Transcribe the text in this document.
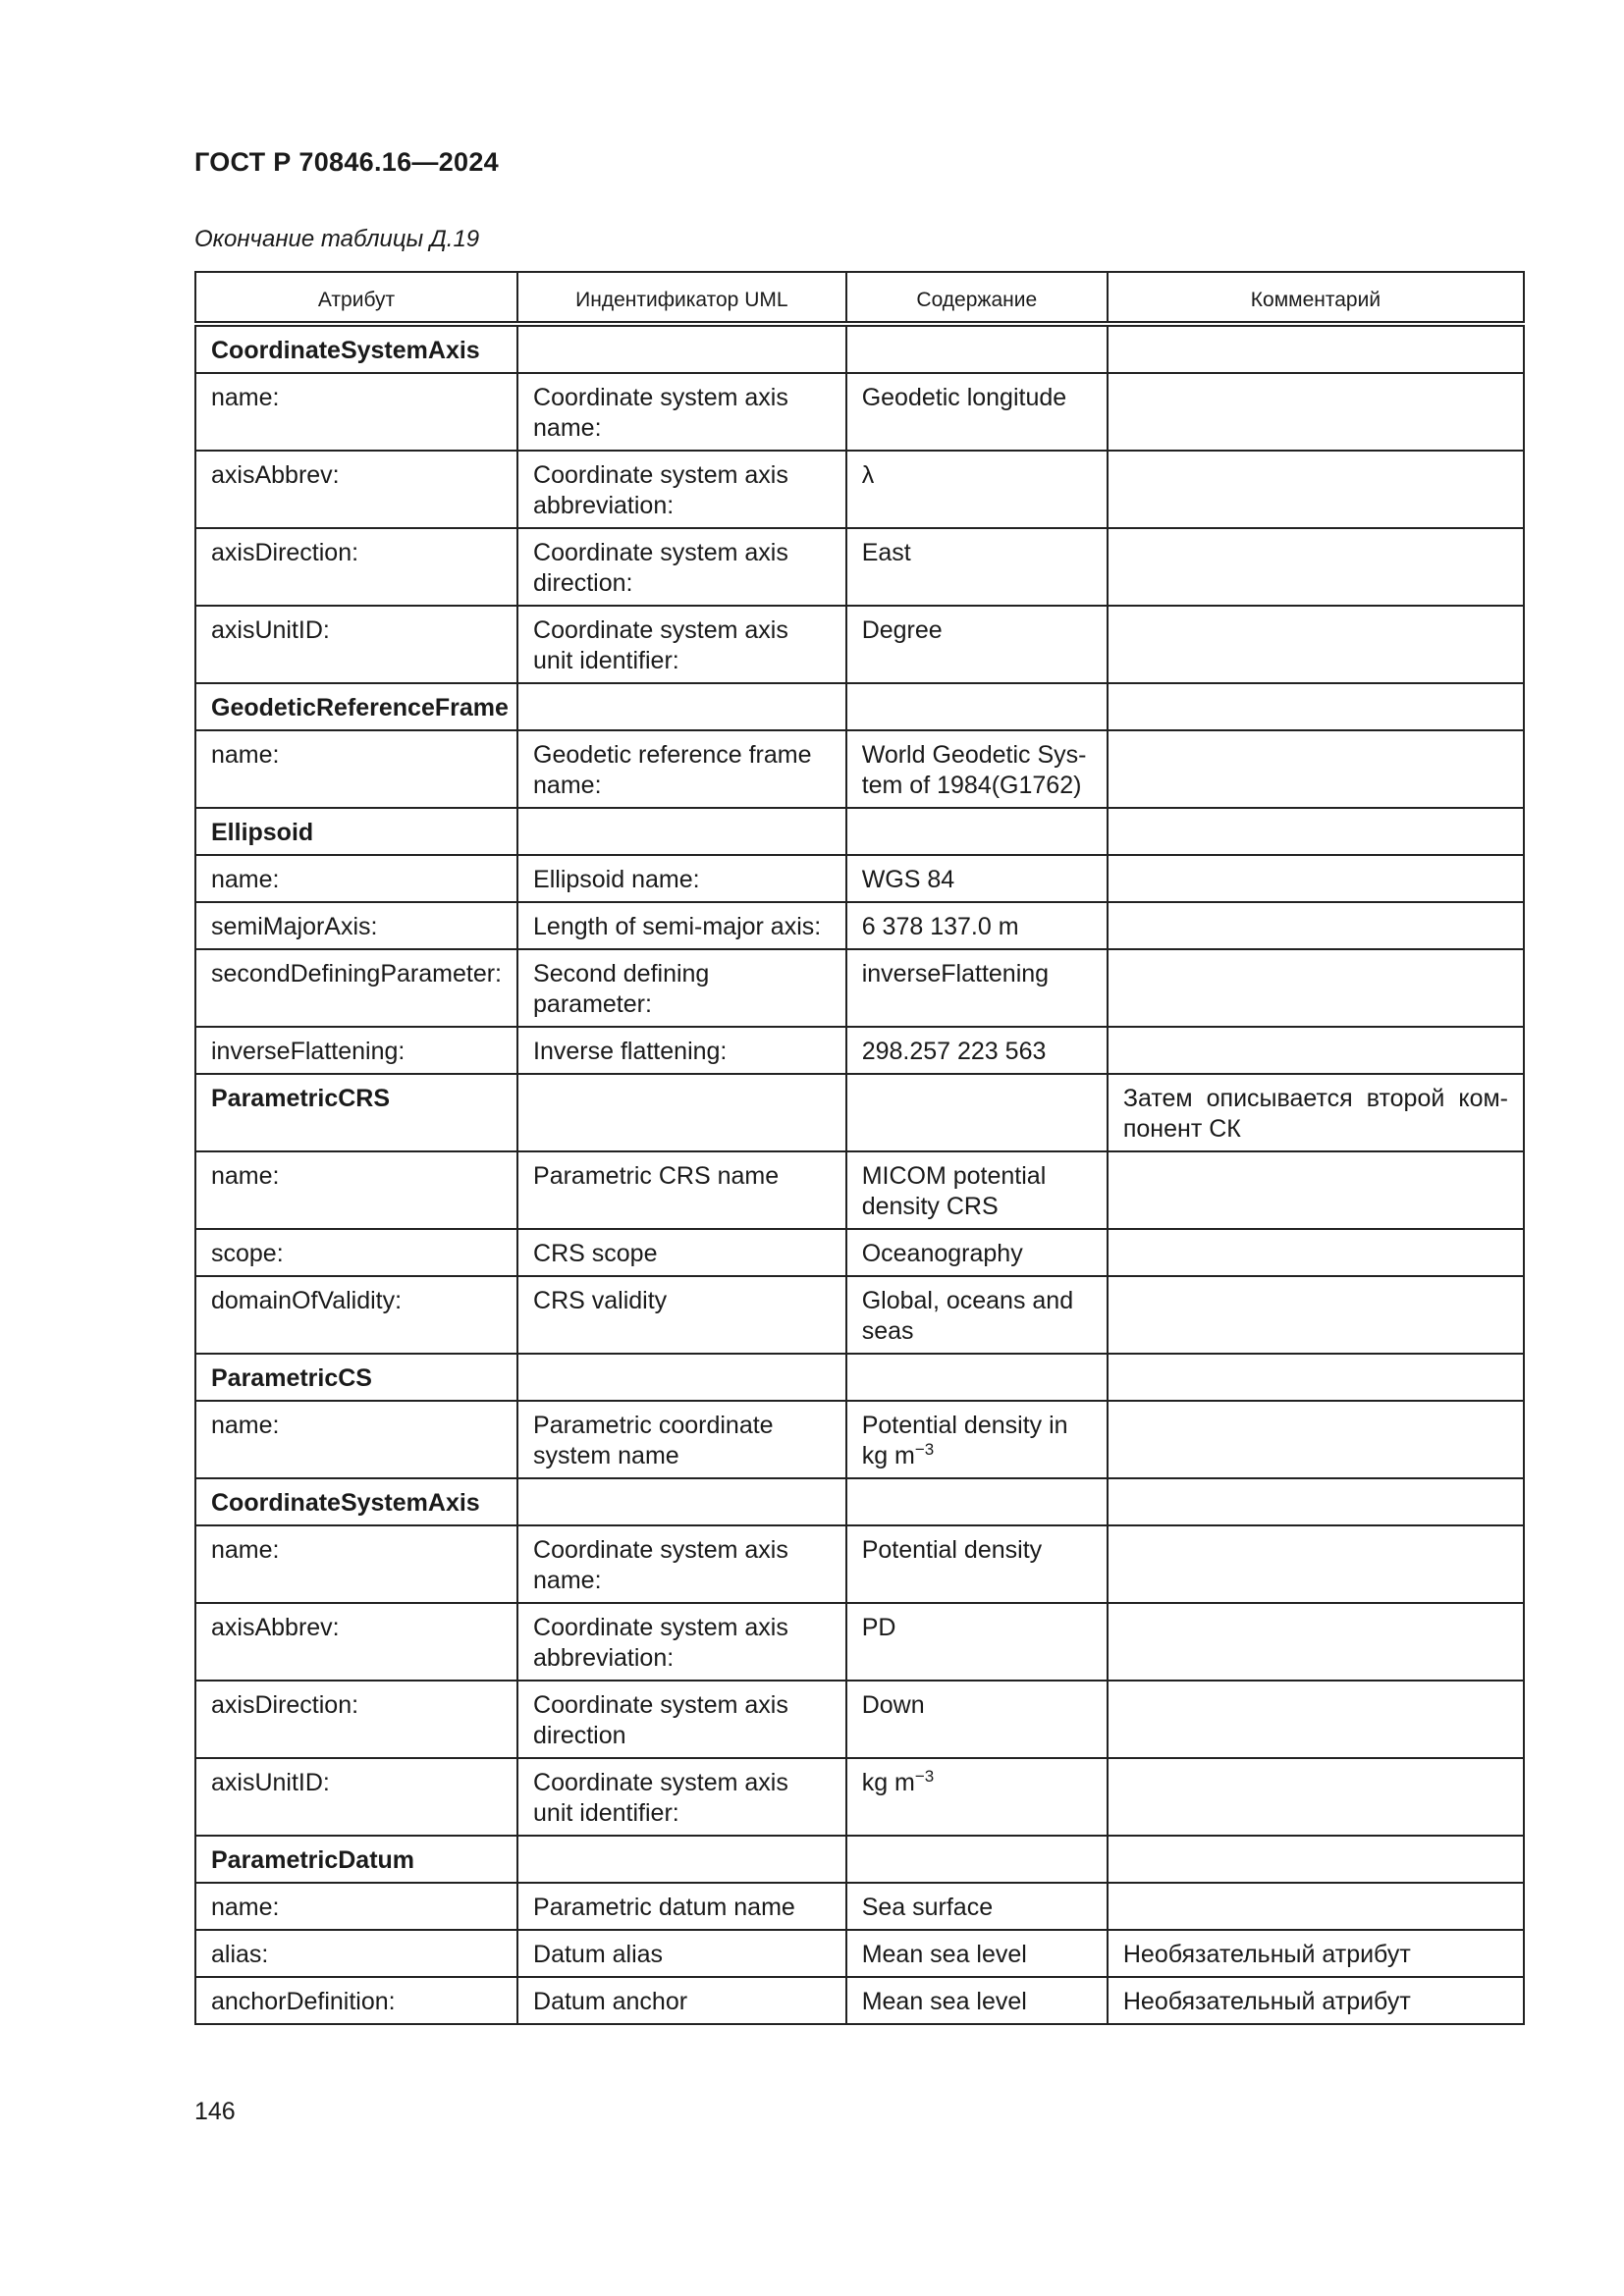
ГОСТ Р 70846.16—2024
Окончание таблицы Д.19
Атрибут	Индентификатор UML	Содержание	Комментарий
CoordinateSystemAxis			
name:	Coordinate system axis name:	Geodetic longitude	
axisAbbrev:	Coordinate system axis abbreviation:	λ	
axisDirection:	Coordinate system axis direction:	East	
axisUnitID:	Coordinate system axis unit identifier:	Degree	
GeodeticReferenceFrame			
name:	Geodetic reference frame name:	World Geodetic Sys-tem of 1984(G1762)	
Ellipsoid			
name:	Ellipsoid name:	WGS 84	
semiMajorAxis:	Length of semi-major axis:	6 378 137.0 m	
secondDefiningParameter:	Second defining parameter:	inverseFlattening	
inverseFlattening:	Inverse flattening:	298.257 223 563	
ParametricCRS			Затем описывается второй ком-понент СК
name:	Parametric CRS name	MICOM potential density CRS	
scope:	CRS scope	Oceanography	
domainOfValidity:	CRS validity	Global, oceans and seas	
ParametricCS			
name:	Parametric coordinate system name	Potential density in kg $m^{-3}$	
CoordinateSystemAxis			
name:	Coordinate system axis name:	Potential density	
axisAbbrev:	Coordinate system axis abbreviation:	PD	
axisDirection:	Coordinate system axis direction	Down	
axisUnitID:	Coordinate system axis unit identifier:	kg $m^{-3}$	
ParametricDatum			
name:	Parametric datum name	Sea surface	
alias:	Datum alias	Mean sea level	Необязательный атрибут
anchorDefinition:	Datum anchor	Mean sea level	Необязательный атрибут
146
